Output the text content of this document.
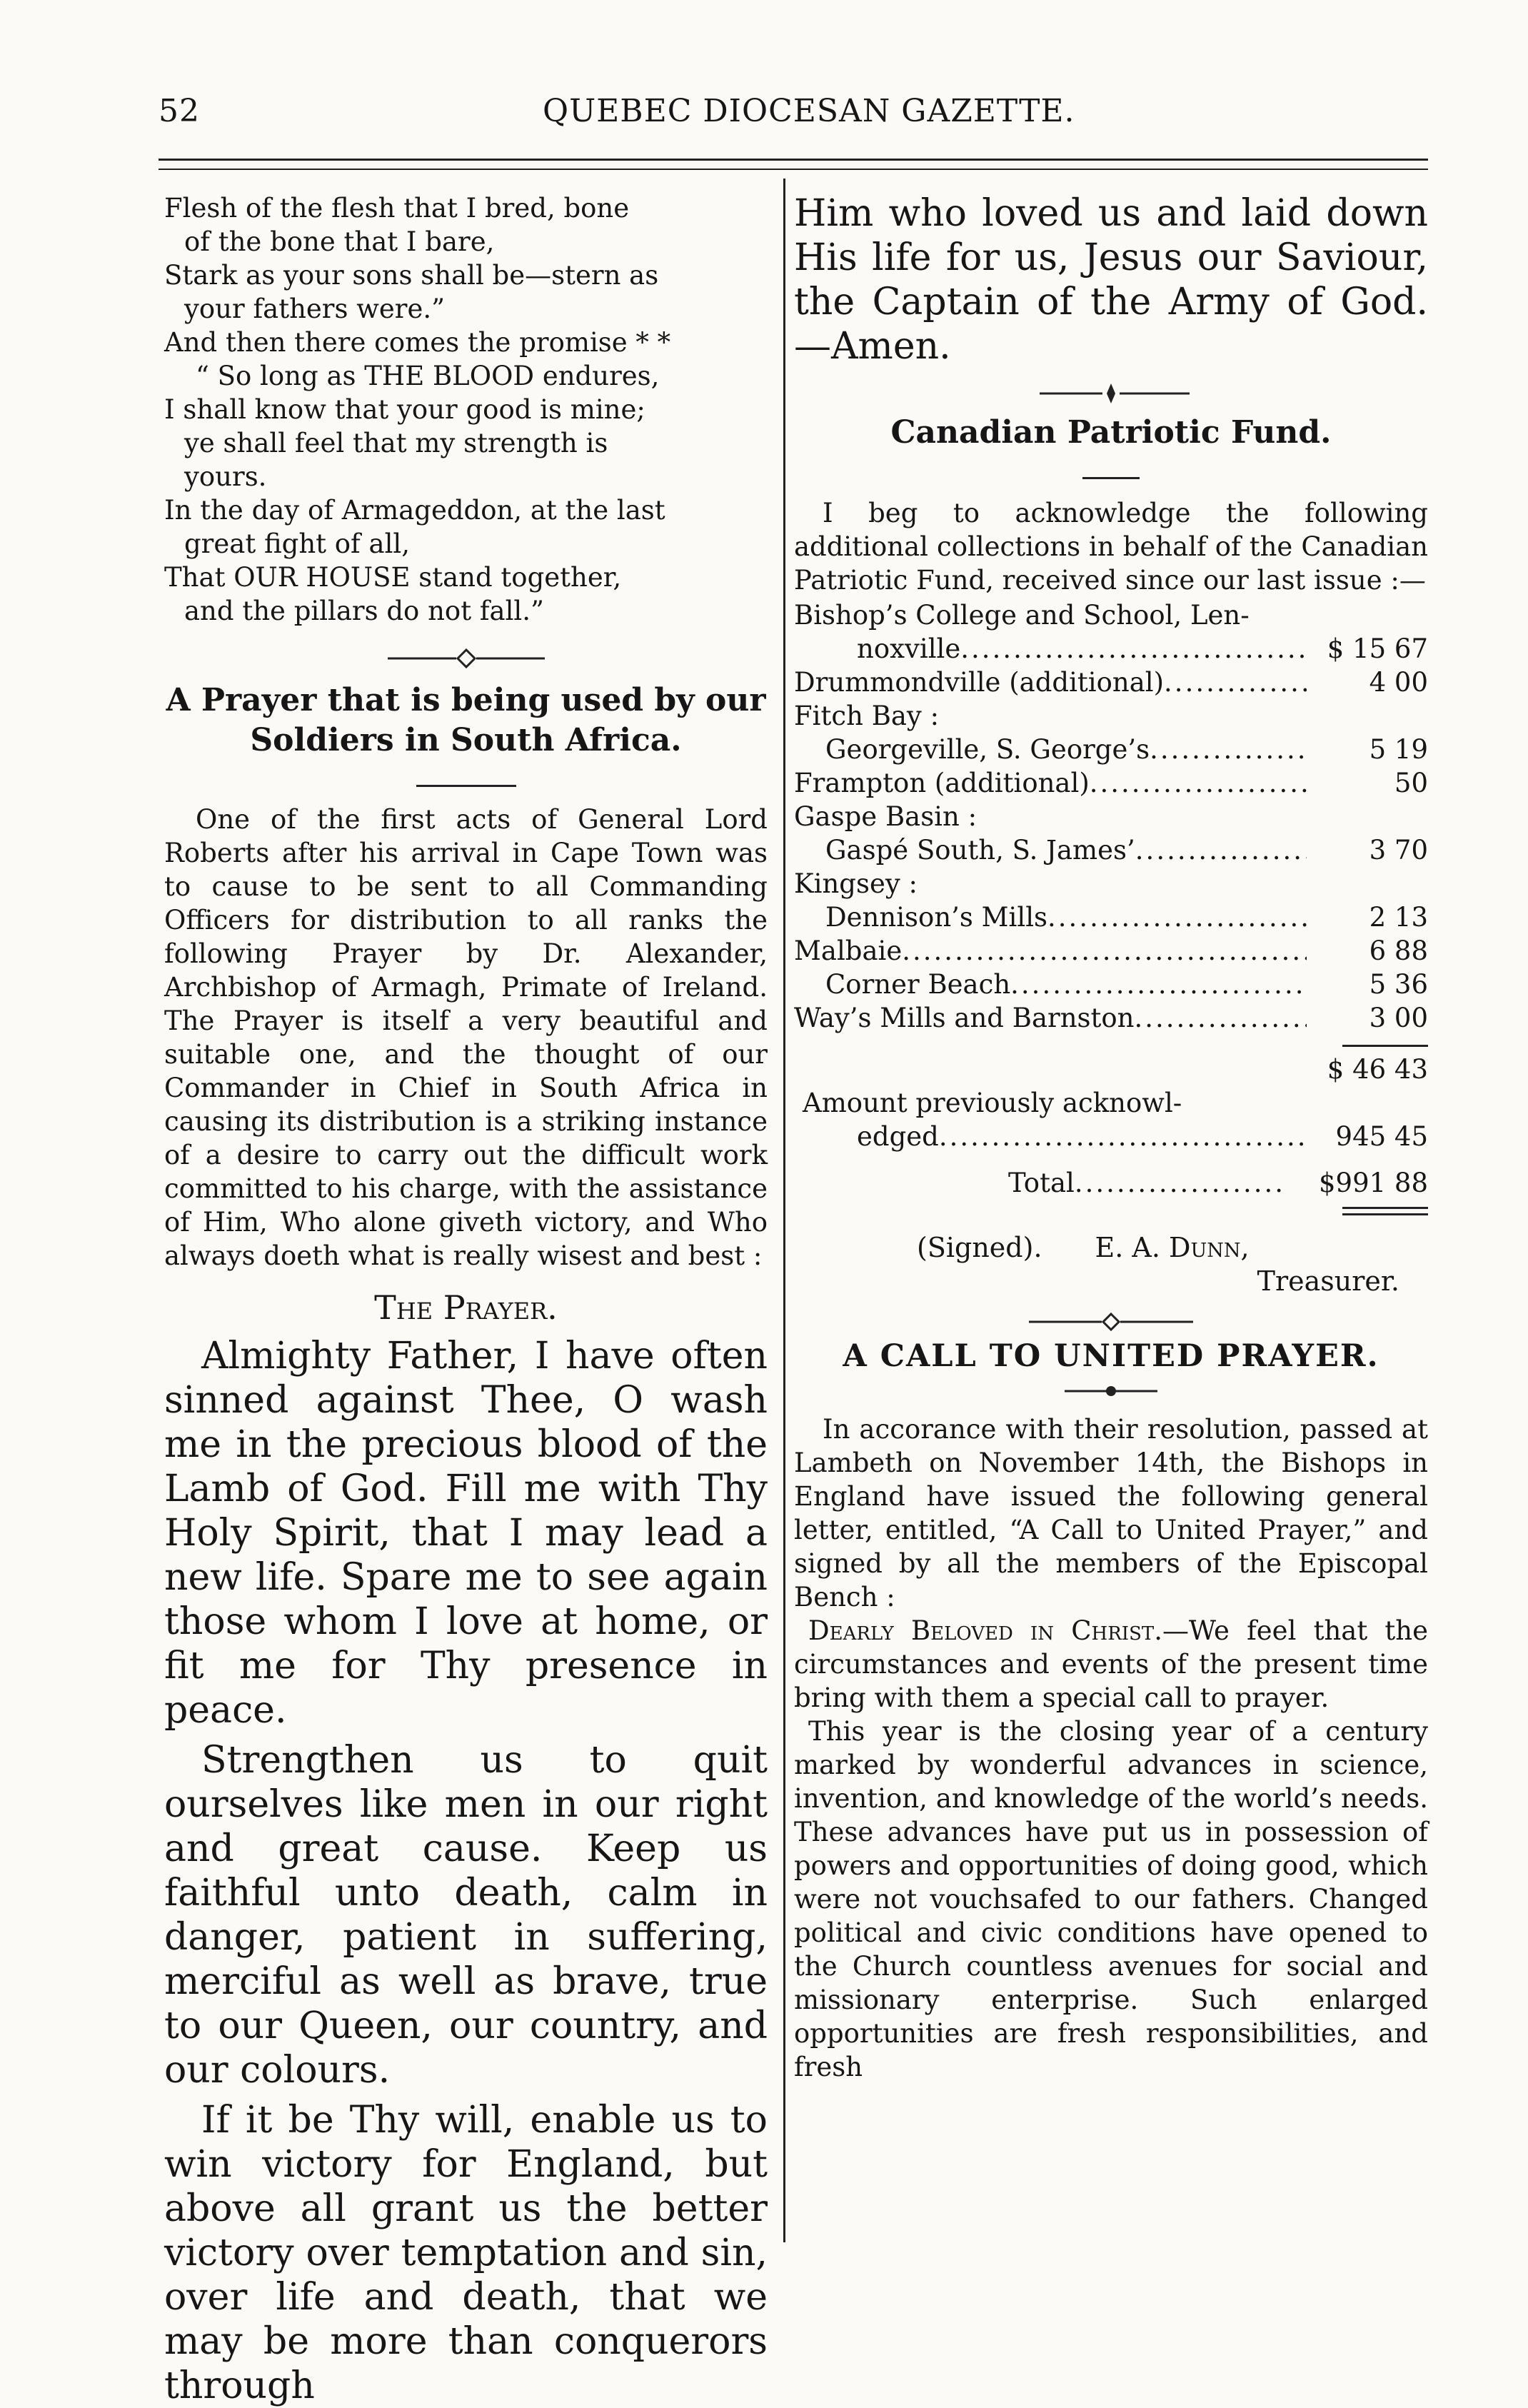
52	QUEBEC DIOCESAN GAZETTE.
Flesh of the flesh that I bred, bone
of the bone that I bare,
Stark as your sons shall be—stern as
your fathers were.”
And then there comes the promise * *
“ So long as THE BLOOD endures,
I shall know that your good is mine;
ye shall feel that my strength is
yours.
In the day of Armageddon, at the last
great fight of all,
That OUR HOUSE stand together,
and the pillars do not fall.”
A Prayer that is being used by our
Soldiers in South Africa.
One of the first acts of General Lord Roberts after his arrival in Cape Town was to cause to be sent to all Commanding Officers for distribution to all ranks the following Prayer by Dr. Alexander, Archbishop of Armagh, Primate of Ireland. The Prayer is itself a very beautiful and suitable one, and the thought of our Commander in Chief in South Africa in causing its distribution is a striking instance of a desire to carry out the difficult work committed to his charge, with the assistance of Him, Who alone giveth victory, and Who always doeth what is really wisest and best :
The Prayer.
Almighty Father, I have often sinned against Thee, O wash me in the precious blood of the Lamb of God. Fill me with Thy Holy Spirit, that I may lead a new life. Spare me to see again those whom I love at home, or fit me for Thy presence in peace.
Strengthen us to quit ourselves like men in our right and great cause. Keep us faithful unto death, calm in danger, patient in suffering, merciful as well as brave, true to our Queen, our country, and our colours.
If it be Thy will, enable us to win victory for England, but above all grant us the better victory over temptation and sin, over life and death, that we may be more than conquerors through
Him who loved us and laid down His life for us, Jesus our Saviour, the Captain of the Army of God. —Amen.
Canadian Patriotic Fund.
I beg to acknowledge the following additional collections in behalf of the Canadian Patriotic Fund, received since our last issue :—
Bishop’s College and School, Len-
noxville .....	$ 15 67
Drummondville (additional) .....	4 00
Fitch Bay :
Georgeville, S. George’s .....	5 19
Frampton (additional) .....	50
Gaspe Basin :
Gaspé South, S. James’ .....	3 70
Kingsey :
Dennison’s Mills .....	2 13
Malbaie .....	6 88
Corner Beach .....	5 36
Way’s Mills and Barnston .....	3 00
$ 46 43
Amount previously acknowl-
edged .....	945 45
Total .....	$991 88
(Signed). E. A. Dunn,
Treasurer.
A CALL TO UNITED PRAYER.
In accorance with their resolution, passed at Lambeth on November 14th, the Bishops in England have issued the following general letter, entitled, “A Call to United Prayer,” and signed by all the members of the Episcopal Bench :
Dearly Beloved in Christ.—We feel that the circumstances and events of the present time bring with them a special call to prayer.
This year is the closing year of a century marked by wonderful advances in science, invention, and knowledge of the world’s needs. These advances have put us in possession of powers and opportunities of doing good, which were not vouchsafed to our fathers. Changed political and civic conditions have opened to the Church countless avenues for social and missionary enterprise. Such enlarged opportunities are fresh responsibilities, and fresh
